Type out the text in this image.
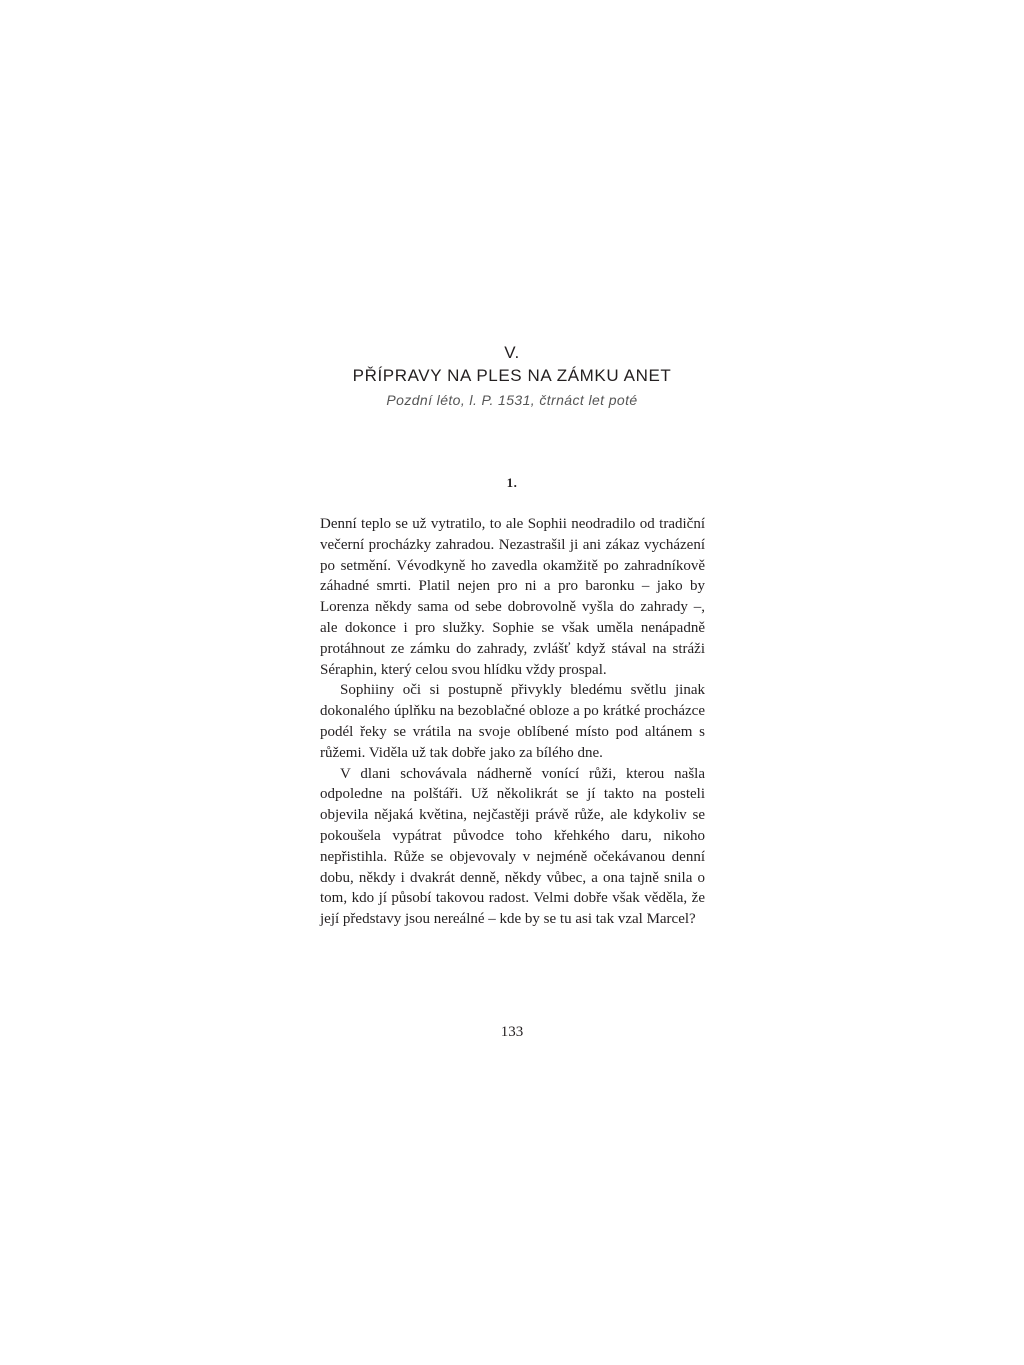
V.
PŘÍPRAVY NA PLES NA ZÁMKU ANET
Pozdní léto, l. P. 1531, čtrnáct let poté
1.

Denní teplo se už vytratilo, to ale Sophii neodradilo od tradiční večerní procházky zahradou. Nezastrašil ji ani zákaz vycházení po setmění. Vévodkyně ho zavedla okamžitě po zahradníkově záhadné smrti. Platil nejen pro ni a pro baronku – jako by Lorenza někdy sama od sebe dobrovolně vyšla do zahrady –, ale dokonce i pro služky. Sophie se však uměla nenápadně protáhnout ze zámku do zahrady, zvlášť když stával na stráži Séraphin, který celou svou hlídku vždy prospal.

Sophiiny oči si postupně přivykly bledému světlu jinak dokonalého úplňku na bezoblačné obloze a po krátké procházce podél řeky se vrátila na svoje oblíbené místo pod altánem s růžemi. Viděla už tak dobře jako za bílého dne.

V dlani schovávala nádherně vonící růži, kterou našla odpoledne na polštáři. Už několikrát se jí takto na posteli objevila nějaká květina, nejčastěji právě růže, ale kdykoliv se pokoušela vypátrat původce toho křehkého daru, nikoho nepřistihla. Růže se objevovaly v nejméně očekávanou denní dobu, někdy i dvakrát denně, někdy vůbec, a ona tajně snila o tom, kdo jí působí takovou radost. Velmi dobře však věděla, že její představy jsou nereálné – kde by se tu asi tak vzal Marcel?

133
